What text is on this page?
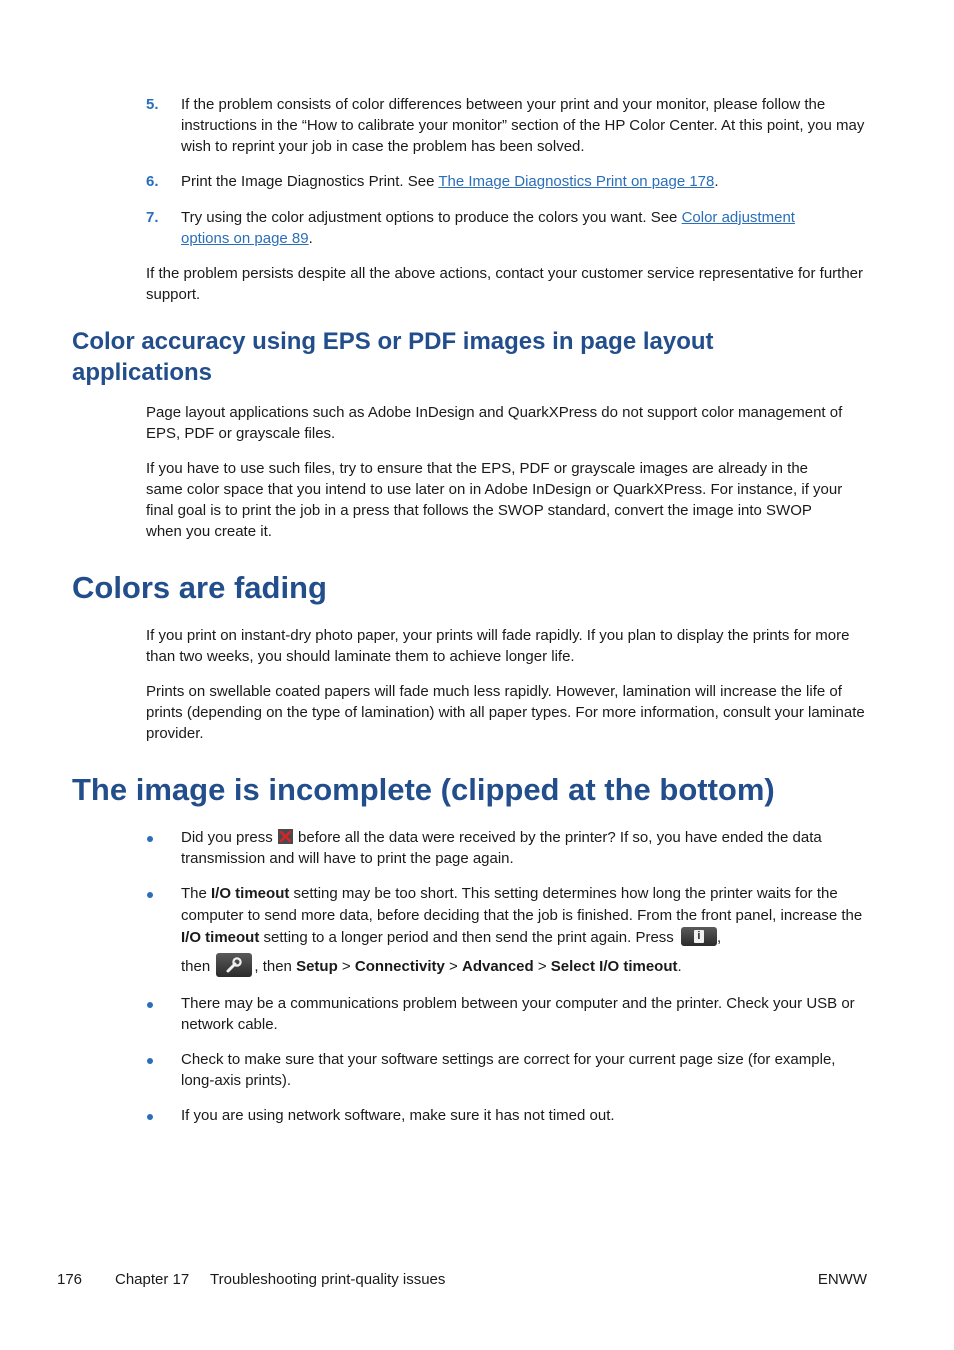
5. If the problem consists of color differences between your print and your monitor, please follow the instructions in the “How to calibrate your monitor” section of the HP Color Center. At this point, you may wish to reprint your job in case the problem has been solved.

6. Print the Image Diagnostics Print. See The Image Diagnostics Print on page 178.

7. Try using the color adjustment options to produce the colors you want. See Color adjustment options on page 89.

If the problem persists despite all the above actions, contact your customer service representative for further support.

Color accuracy using EPS or PDF images in page layout applications

Page layout applications such as Adobe InDesign and QuarkXPress do not support color management of EPS, PDF or grayscale files.

If you have to use such files, try to ensure that the EPS, PDF or grayscale images are already in the same color space that you intend to use later on in Adobe InDesign or QuarkXPress. For instance, if your final goal is to print the job in a press that follows the SWOP standard, convert the image into SWOP when you create it.

Colors are fading

If you print on instant-dry photo paper, your prints will fade rapidly. If you plan to display the prints for more than two weeks, you should laminate them to achieve longer life.

Prints on swellable coated papers will fade much less rapidly. However, lamination will increase the life of prints (depending on the type of lamination) with all paper types. For more information, consult your laminate provider.

The image is incomplete (clipped at the bottom)

Did you press
before all the data were received by the printer? If so, you have ended the data transmission and will have to print the page again.

The I/O timeout setting may be too short. This setting determines how long the printer waits for the computer to send more data, before deciding that the job is finished. From the front panel, increase the I/O timeout setting to a longer period and then send the print again. Press	i ,

then	, then Setup > Connectivity > Advanced > Select I/O timeout.

There may be a communications problem between your computer and the printer. Check your USB or network cable.

Check to make sure that your software settings are correct for your current page size (for example, long-axis prints).

If you are using network software, make sure it has not timed out.

176 Chapter 17 Troubleshooting print-quality issues	ENWW
